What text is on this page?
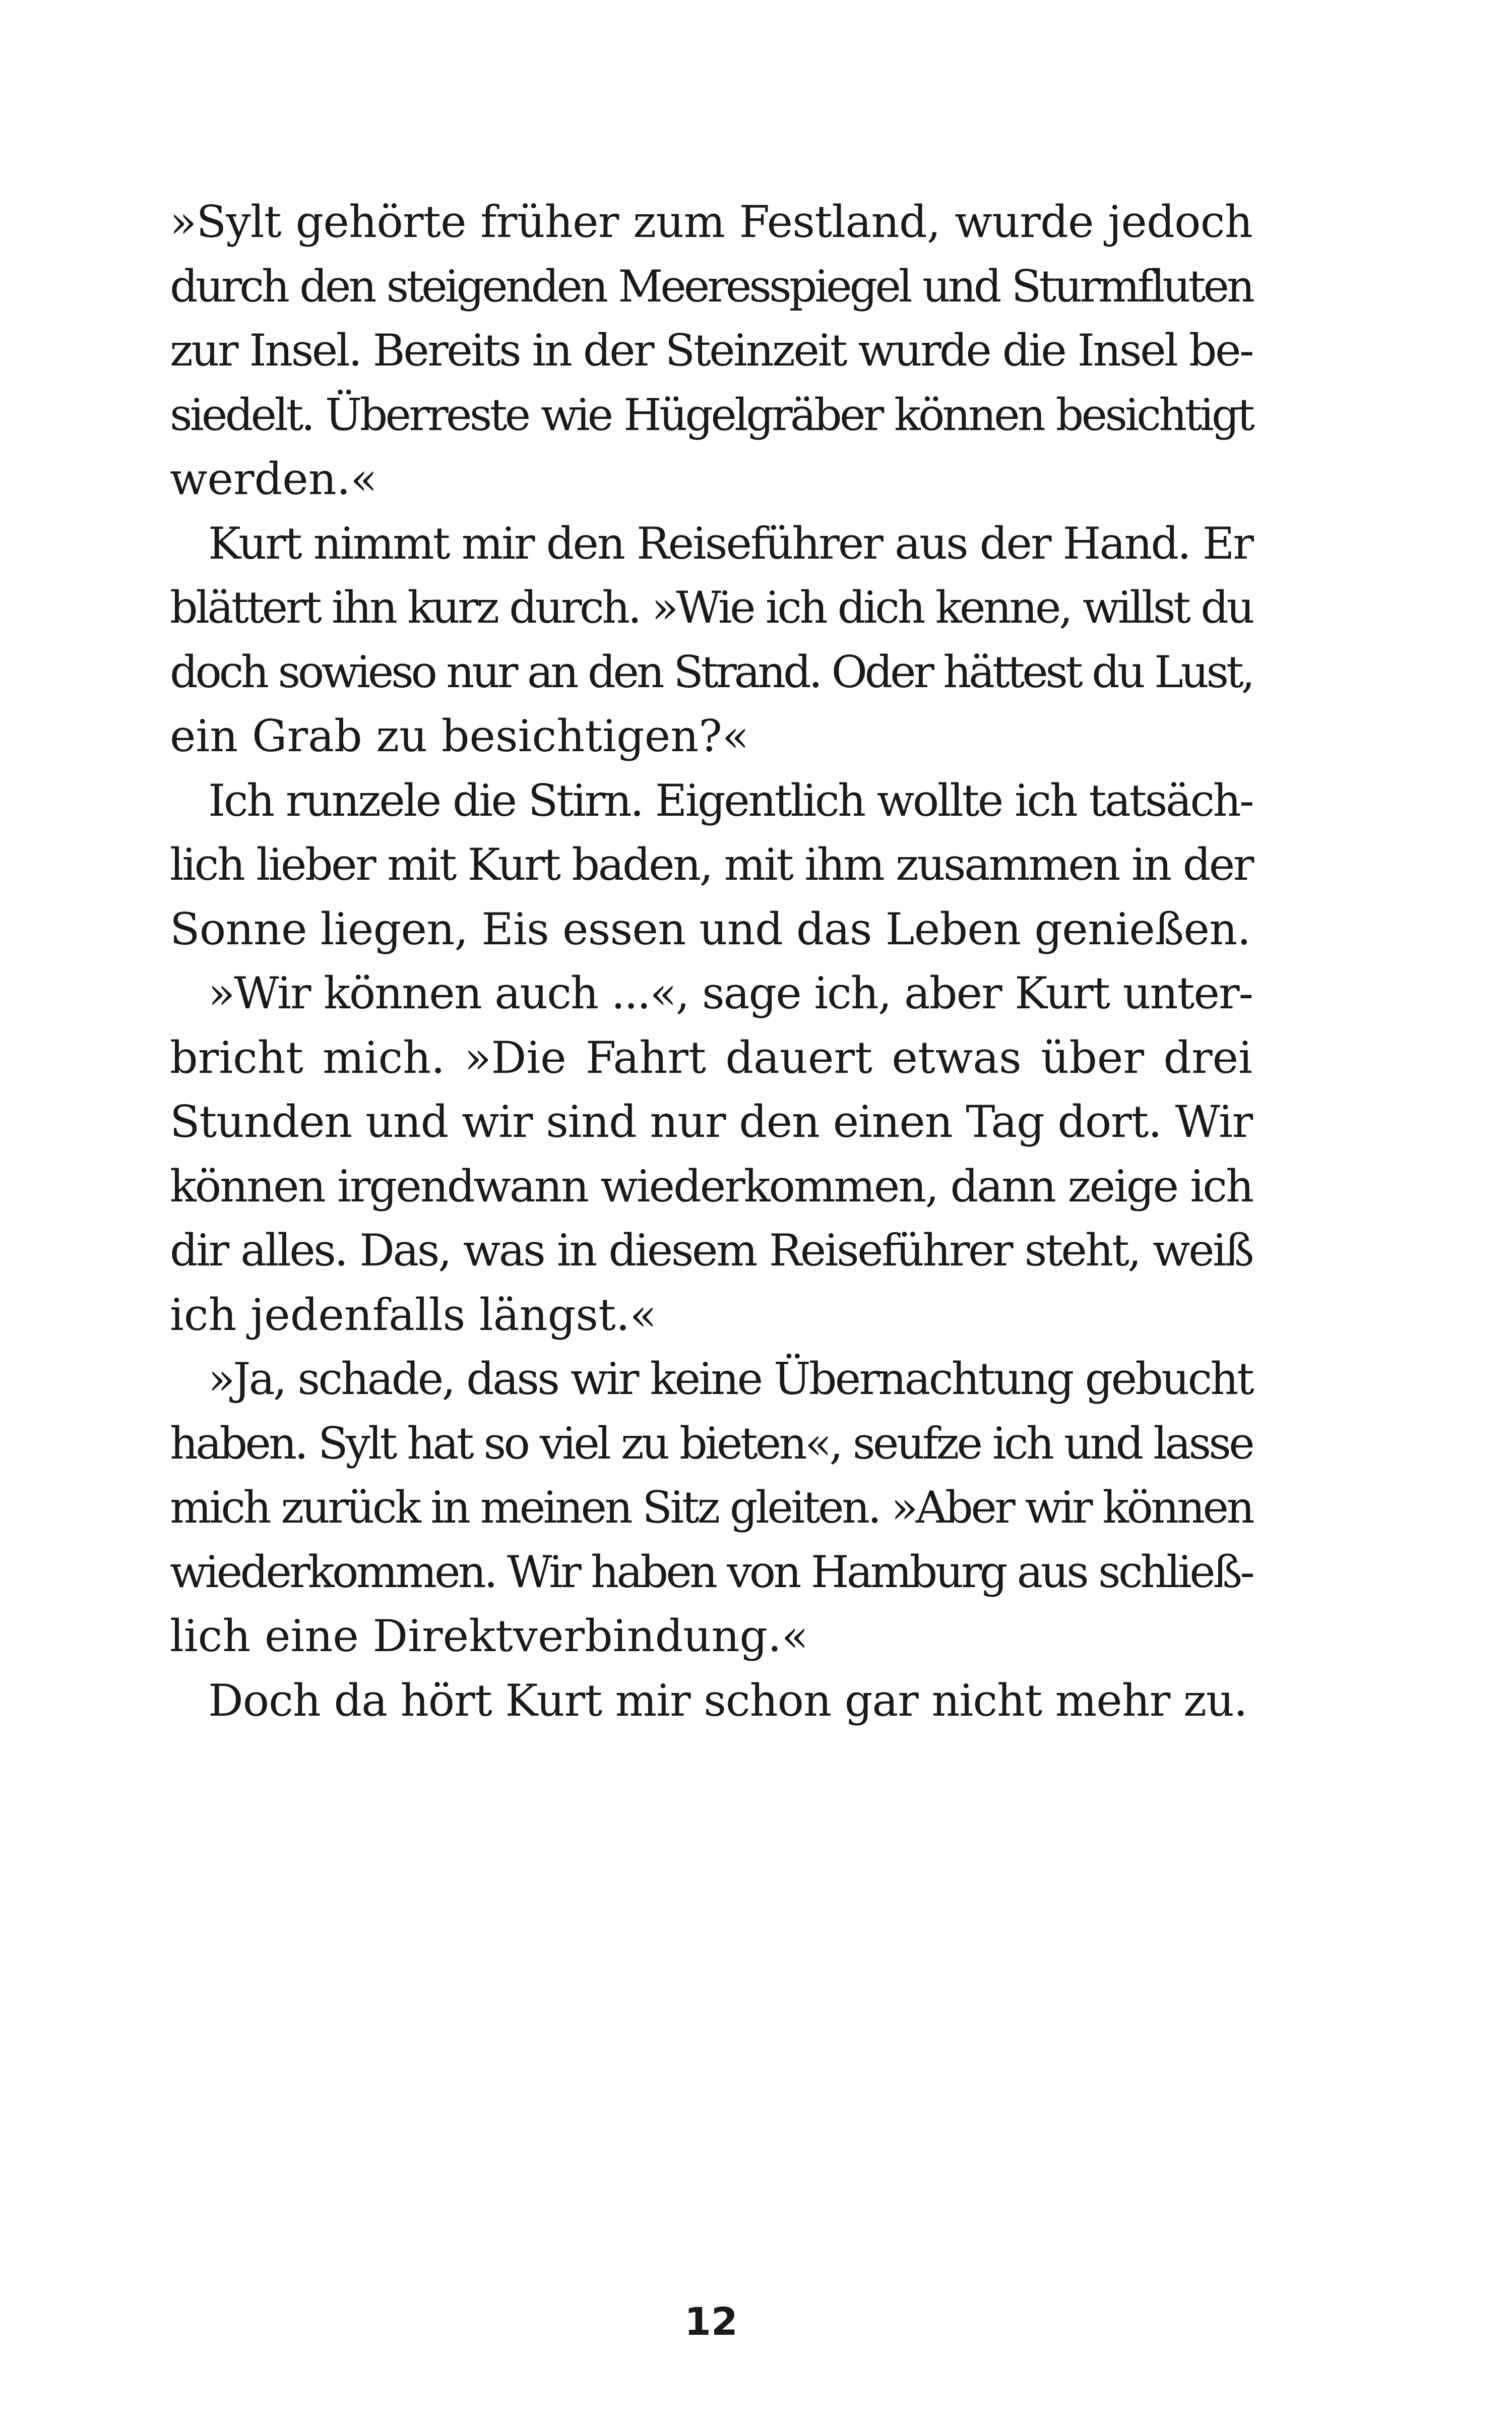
»Sylt gehörte früher zum Festland, wurde jedoch
durch den steigenden Meeresspiegel und Sturmfluten
zur Insel. Bereits in der Steinzeit wurde die Insel be-
siedelt. Überreste wie Hügelgräber können besichtigt
werden.«
Kurt nimmt mir den Reiseführer aus der Hand. Er
blättert ihn kurz durch. »Wie ich dich kenne, willst du
doch sowieso nur an den Strand. Oder hättest du Lust,
ein Grab zu besichtigen?«
Ich runzele die Stirn. Eigentlich wollte ich tatsäch-
lich lieber mit Kurt baden, mit ihm zusammen in der
Sonne liegen, Eis essen und das Leben genießen.
»Wir können auch ...«, sage ich, aber Kurt unter-
bricht mich. »Die Fahrt dauert etwas über drei
Stunden und wir sind nur den einen Tag dort. Wir
können irgendwann wiederkommen, dann zeige ich
dir alles. Das, was in diesem Reiseführer steht, weiß
ich jedenfalls längst.«
»Ja, schade, dass wir keine Übernachtung gebucht
haben. Sylt hat so viel zu bieten«, seufze ich und lasse
mich zurück in meinen Sitz gleiten. »Aber wir können
wiederkommen. Wir haben von Hamburg aus schließ-
lich eine Direktverbindung.«
Doch da hört Kurt mir schon gar nicht mehr zu.
12
